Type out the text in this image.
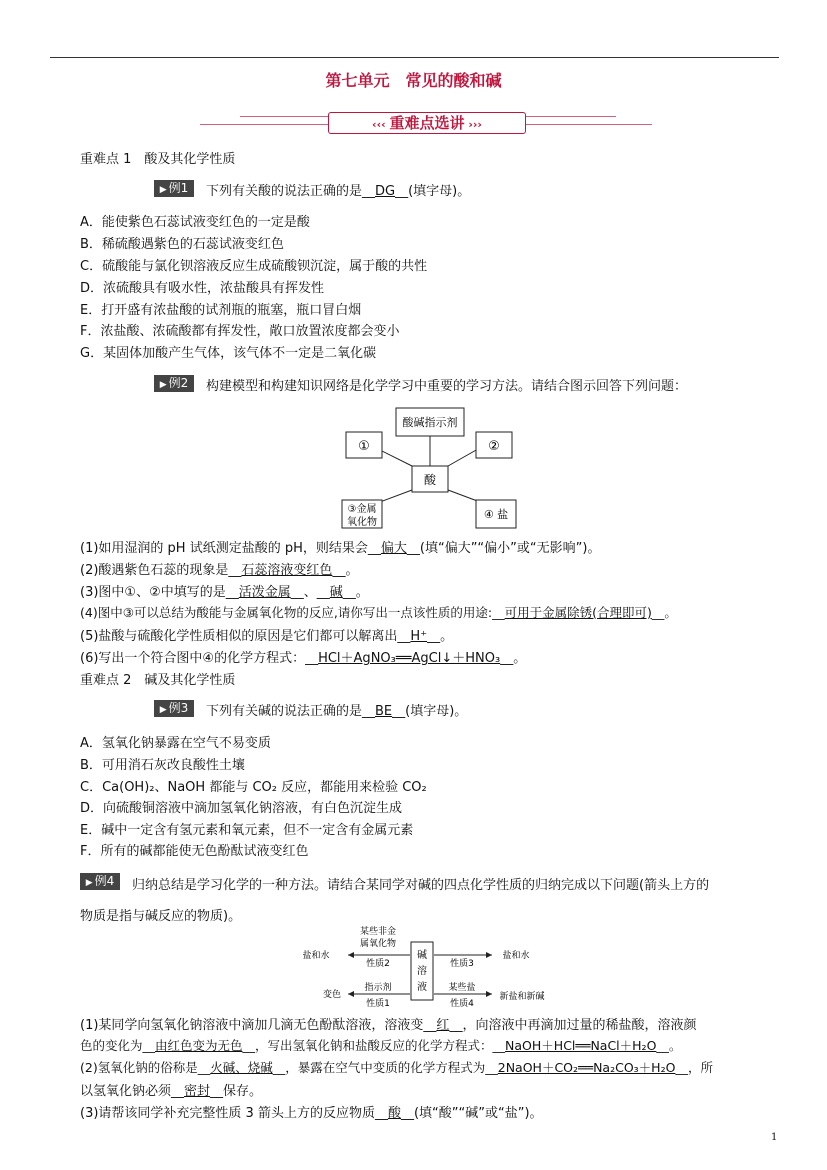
第七单元　常见的酸和碱
‹‹‹ 重难点选讲 ›››
重难点 1　酸及其化学性质
▶ 例1	下列有关酸的说法正确的是__DG__(填字母)。
A．能使紫色石蕊试液变红色的一定是酸
B．稀硫酸遇紫色的石蕊试液变红色
C．硫酸能与氯化钡溶液反应生成硫酸钡沉淀，属于酸的共性
D．浓硫酸具有吸水性，浓盐酸具有挥发性
E．打开盛有浓盐酸的试剂瓶的瓶塞，瓶口冒白烟
F．浓盐酸、浓硫酸都有挥发性，敞口放置浓度都会变小
G．某固体加酸产生气体，该气体不一定是二氧化碳
▶ 例2	构建模型和构建知识网络是化学学习中重要的学习方法。请结合图示回答下列问题：
酸碱指示剂
①	②
酸
③金属
氧化物
④ 盐
(1)如用湿润的 pH 试纸测定盐酸的 pH，则结果会__偏大__(填“偏大”“偏小”或“无影响”)。
(2)酸遇紫色石蕊的现象是__石蕊溶液变红色__。
(3)图中①、②中填写的是__活泼金属__、__碱__。
(4)图中③可以总结为酸能与金属氧化物的反应,请你写出一点该性质的用途:__可用于金属除锈(合理即可)__。
(5)盐酸与硫酸化学性质相似的原因是它们都可以解离出__H⁺__。
(6)写出一个符合图中④的化学方程式：__HCl＋AgNO₃══AgCl↓＋HNO₃__。
重难点 2　碱及其化学性质
▶ 例3	下列有关碱的说法正确的是__BE__(填字母)。
A．氢氧化钠暴露在空气不易变质
B．可用消石灰改良酸性土壤
C．Ca(OH)₂、NaOH 都能与 CO₂ 反应，都能用来检验 CO₂
D．向硫酸铜溶液中滴加氢氧化钠溶液，有白色沉淀生成
E．碱中一定含有氢元素和氧元素，但不一定含有金属元素
F．所有的碱都能使无色酚酞试液变红色
▶ 例4	归纳总结是学习化学的一种方法。请结合某同学对碱的四点化学性质的归纳完成以下问题(箭头上方的
物质是指与碱反应的物质)。
碱
溶
液
某些非金
属氧化物
性质2
盐和水
性质3
盐和水
指示剂
性质1
变色
某些盐
性质4
新盐和新碱
(1)某同学向氢氧化钠溶液中滴加几滴无色酚酞溶液，溶液变__红__，向溶液中再滴加过量的稀盐酸，溶液颜
色的变化为__由红色变为无色__，写出氢氧化钠和盐酸反应的化学方程式：__NaOH＋HCl══NaCl＋H₂O__。
(2)氢氧化钠的俗称是__火碱、烧碱__，暴露在空气中变质的化学方程式为__2NaOH＋CO₂══Na₂CO₃＋H₂O__，所
以氢氧化钠必须__密封__保存。
(3)请帮该同学补充完整性质 3 箭头上方的反应物质__酸__(填“酸”“碱”或“盐”)。
1
